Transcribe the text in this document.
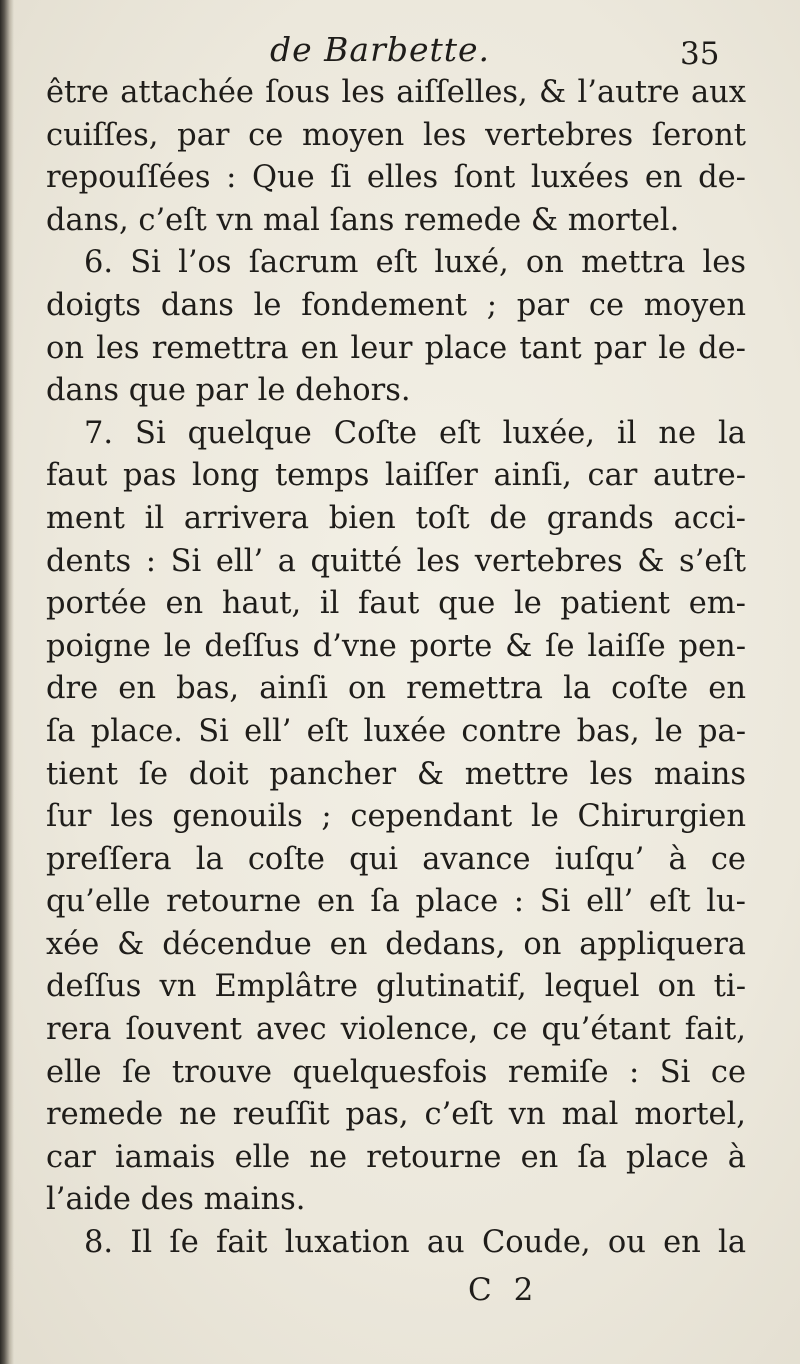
de Barbette.	35
être attachée ſous les aiſſelles, & l’autre aux
cuiſſes, par ce moyen les vertebres ſeront
repouſſées : Que ſi elles ſont luxées en de-
dans, c’eſt vn mal ſans remede & mortel.
6. Si l’os ſacrum eſt luxé, on mettra les
doigts dans le fondement ; par ce moyen
on les remettra en leur place tant par le de-
dans que par le dehors.
7. Si quelque Coſte eſt luxée, il ne la
faut pas long temps laiſſer ainſi, car autre-
ment il arrivera bien toſt de grands acci-
dents : Si ell’ a quitté les vertebres & s’eſt
portée en haut, il faut que le patient em-
poigne le deſſus d’vne porte & ſe laiſſe pen-
dre en bas, ainſi on remettra la coſte en
ſa place. Si ell’ eſt luxée contre bas, le pa-
tient ſe doit pancher & mettre les mains
ſur les genouils ; cependant le Chirurgien
preſſera la coſte qui avance iuſqu’ à ce
qu’elle retourne en ſa place : Si ell’ eſt lu-
xée & décendue en dedans, on appliquera
deſſus vn Emplâtre glutinatif, lequel on ti-
rera ſouvent avec violence, ce qu’étant fait,
elle ſe trouve quelquesfois remiſe : Si ce
remede ne reuſſit pas, c’eſt vn mal mortel,
car iamais elle ne retourne en ſa place à
l’aide des mains.
8. Il ſe fait luxation au Coude, ou en la
C 2
